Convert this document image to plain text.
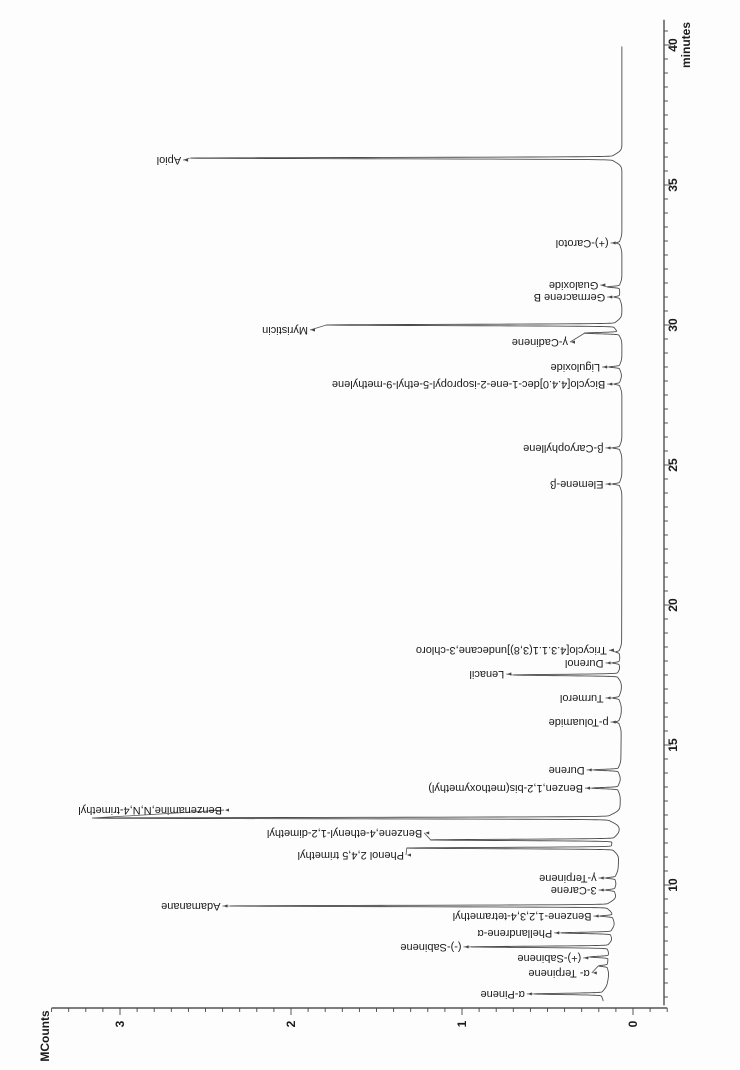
10
15
20
25
30
35
40
0
1
2
3
α-Pinene
α- Terpinene
(+)-Sabinene
(-)-Sabinene
Phellandrene-α
Benzene-1,2,3,4-tetramethyl
Adamanane
3-Carene
γ-Terpinene
Phenol 2,4,5 trimethyl
Benzene,4-ethenyl-1,2-dimethyl
Benzenamine,N,N,4-trimethyl
Benzen,1,2-bis(methoxymethyl)
Durene
p-Toluamide
Turmerol
Lenacil
Durenol
Tricyclo[4.3.1.1(3,8)]undecane,3-chloro
Elemene-β
β-Caryophyllene
Bicyclo[4.4.0]dec-1-ene-2-isopropyl-5-ethyl-9-methylene
Liguloxide
γ-Cadinene
Myristicin
Germacrene B
Gualoxide
(+)-Carotol
Apiol
MCounts
minutes
